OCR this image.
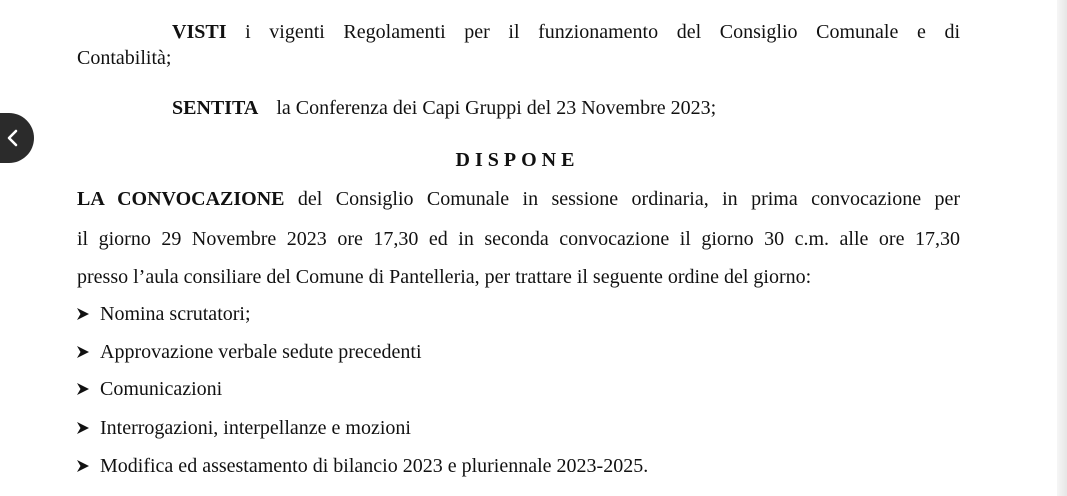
VISTI i vigenti Regolamenti per il funzionamento del Consiglio Comunale e di
Contabilità;
SENTITA la Conferenza dei Capi Gruppi del 23 Novembre 2023;
DISPONE
LA CONVOCAZIONE del Consiglio Comunale in sessione ordinaria, in prima convocazione per
il giorno 29 Novembre 2023 ore 17,30 ed in seconda convocazione il giorno 30 c.m. alle ore 17,30
presso l’aula consiliare del Comune di Pantelleria, per trattare il seguente ordine del giorno:
Nomina scrutatori;
Approvazione verbale sedute precedenti
Comunicazioni
Interrogazioni, interpellanze e mozioni
Modifica ed assestamento di bilancio 2023 e pluriennale 2023-2025.
